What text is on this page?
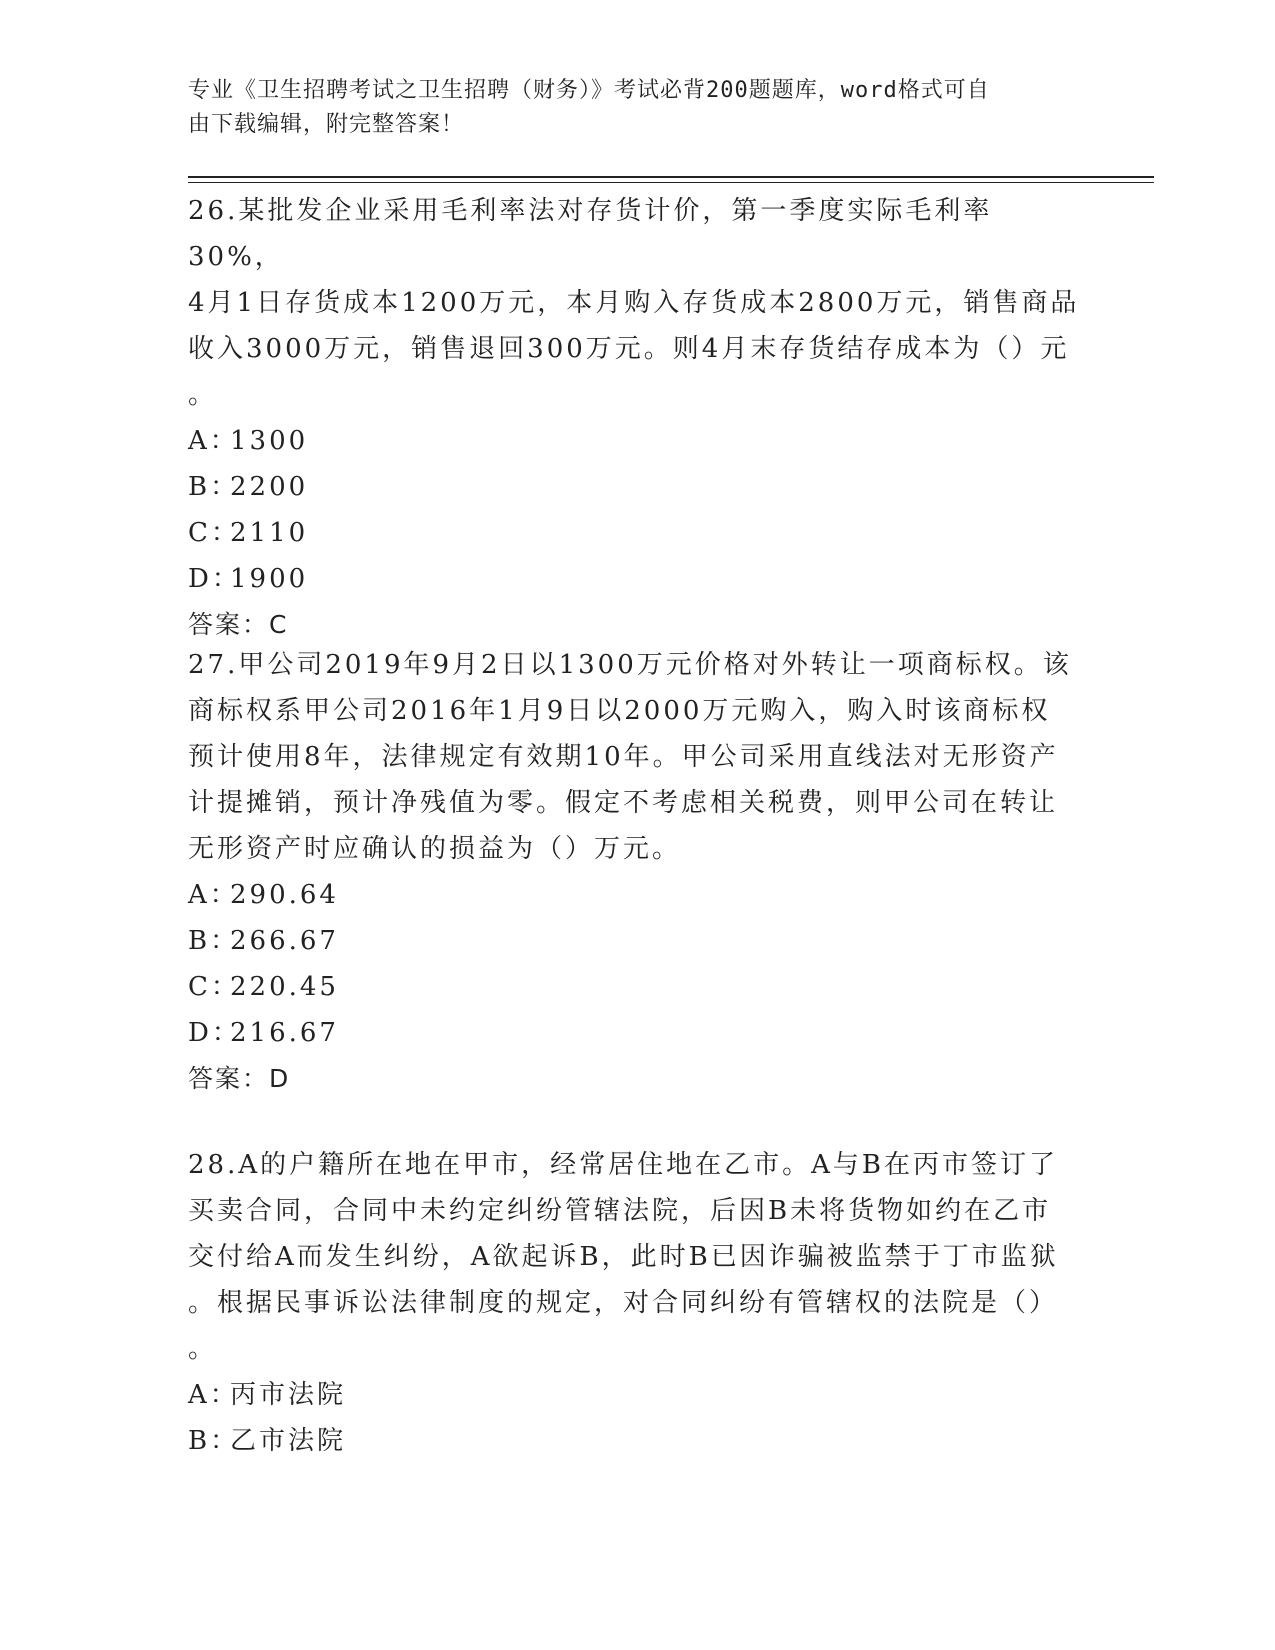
专业《卫生招聘考试之卫生招聘（财务）》考试必背200题题库，word格式可自
由下载编辑，附完整答案！

26.某批发企业采用毛利率法对存货计价，第一季度实际毛利率30%，

4月1日存货成本1200万元，本月购入存货成本2800万元，销售商品

收入3000万元，销售退回300万元。则4月末存货结存成本为（）元

。

A：1300
B：2200
C：2110
D：1900
答案：C

27.甲公司2019年9月2日以1300万元价格对外转让一项商标权。该

商标权系甲公司2016年1月9日以2000万元购入，购入时该商标权

预计使用8年，法律规定有效期10年。甲公司采用直线法对无形资产

计提摊销，预计净残值为零。假定不考虑相关税费，则甲公司在转让

无形资产时应确认的损益为（）万元。

A：290.64
B：266.67
C：220.45
D：216.67
答案：D

28.A的户籍所在地在甲市，经常居住地在乙市。A与B在丙市签订了

买卖合同，合同中未约定纠纷管辖法院，后因B未将货物如约在乙市

交付给A而发生纠纷，A欲起诉B，此时B已因诈骗被监禁于丁市监狱

。根据民事诉讼法律制度的规定，对合同纠纷有管辖权的法院是（）

。

A：丙市法院
B：乙市法院
